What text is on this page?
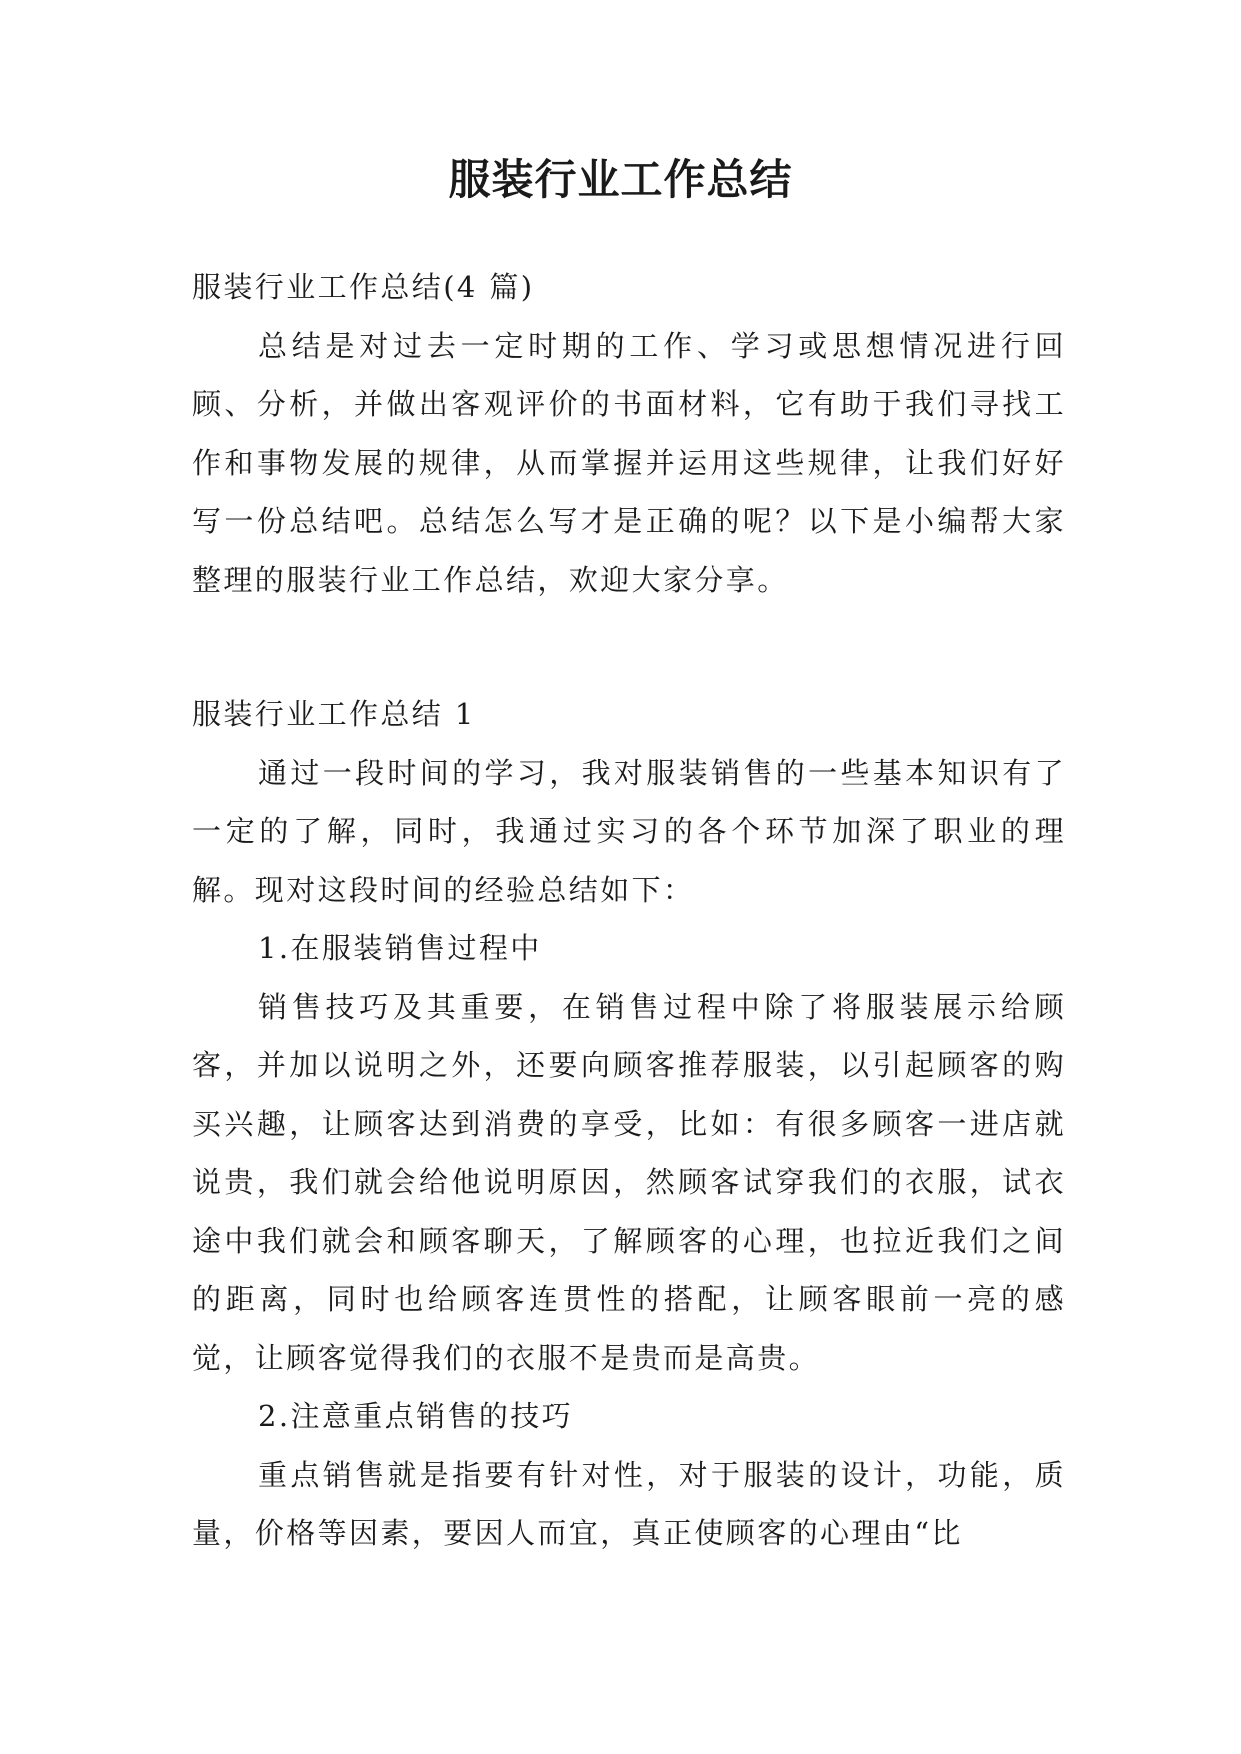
服装行业工作总结

服装行业工作总结(4 篇)

总结是对过去一定时期的工作、学习或思想情况进行回顾、分析，并做出客观评价的书面材料，它有助于我们寻找工作和事物发展的规律，从而掌握并运用这些规律，让我们好好写一份总结吧。总结怎么写才是正确的呢？以下是小编帮大家整理的服装行业工作总结，欢迎大家分享。

服装行业工作总结 1

通过一段时间的学习，我对服装销售的一些基本知识有了一定的了解，同时，我通过实习的各个环节加深了职业的理解。现对这段时间的经验总结如下：

1.在服装销售过程中

销售技巧及其重要，在销售过程中除了将服装展示给顾客，并加以说明之外，还要向顾客推荐服装，以引起顾客的购买兴趣，让顾客达到消费的享受，比如：有很多顾客一进店就说贵，我们就会给他说明原因，然顾客试穿我们的衣服，试衣途中我们就会和顾客聊天，了解顾客的心理，也拉近我们之间的距离，同时也给顾客连贯性的搭配，让顾客眼前一亮的感觉，让顾客觉得我们的衣服不是贵而是高贵。

2.注意重点销售的技巧

重点销售就是指要有针对性，对于服装的设计，功能，质量，价格等因素，要因人而宜，真正使顾客的心理由“比
